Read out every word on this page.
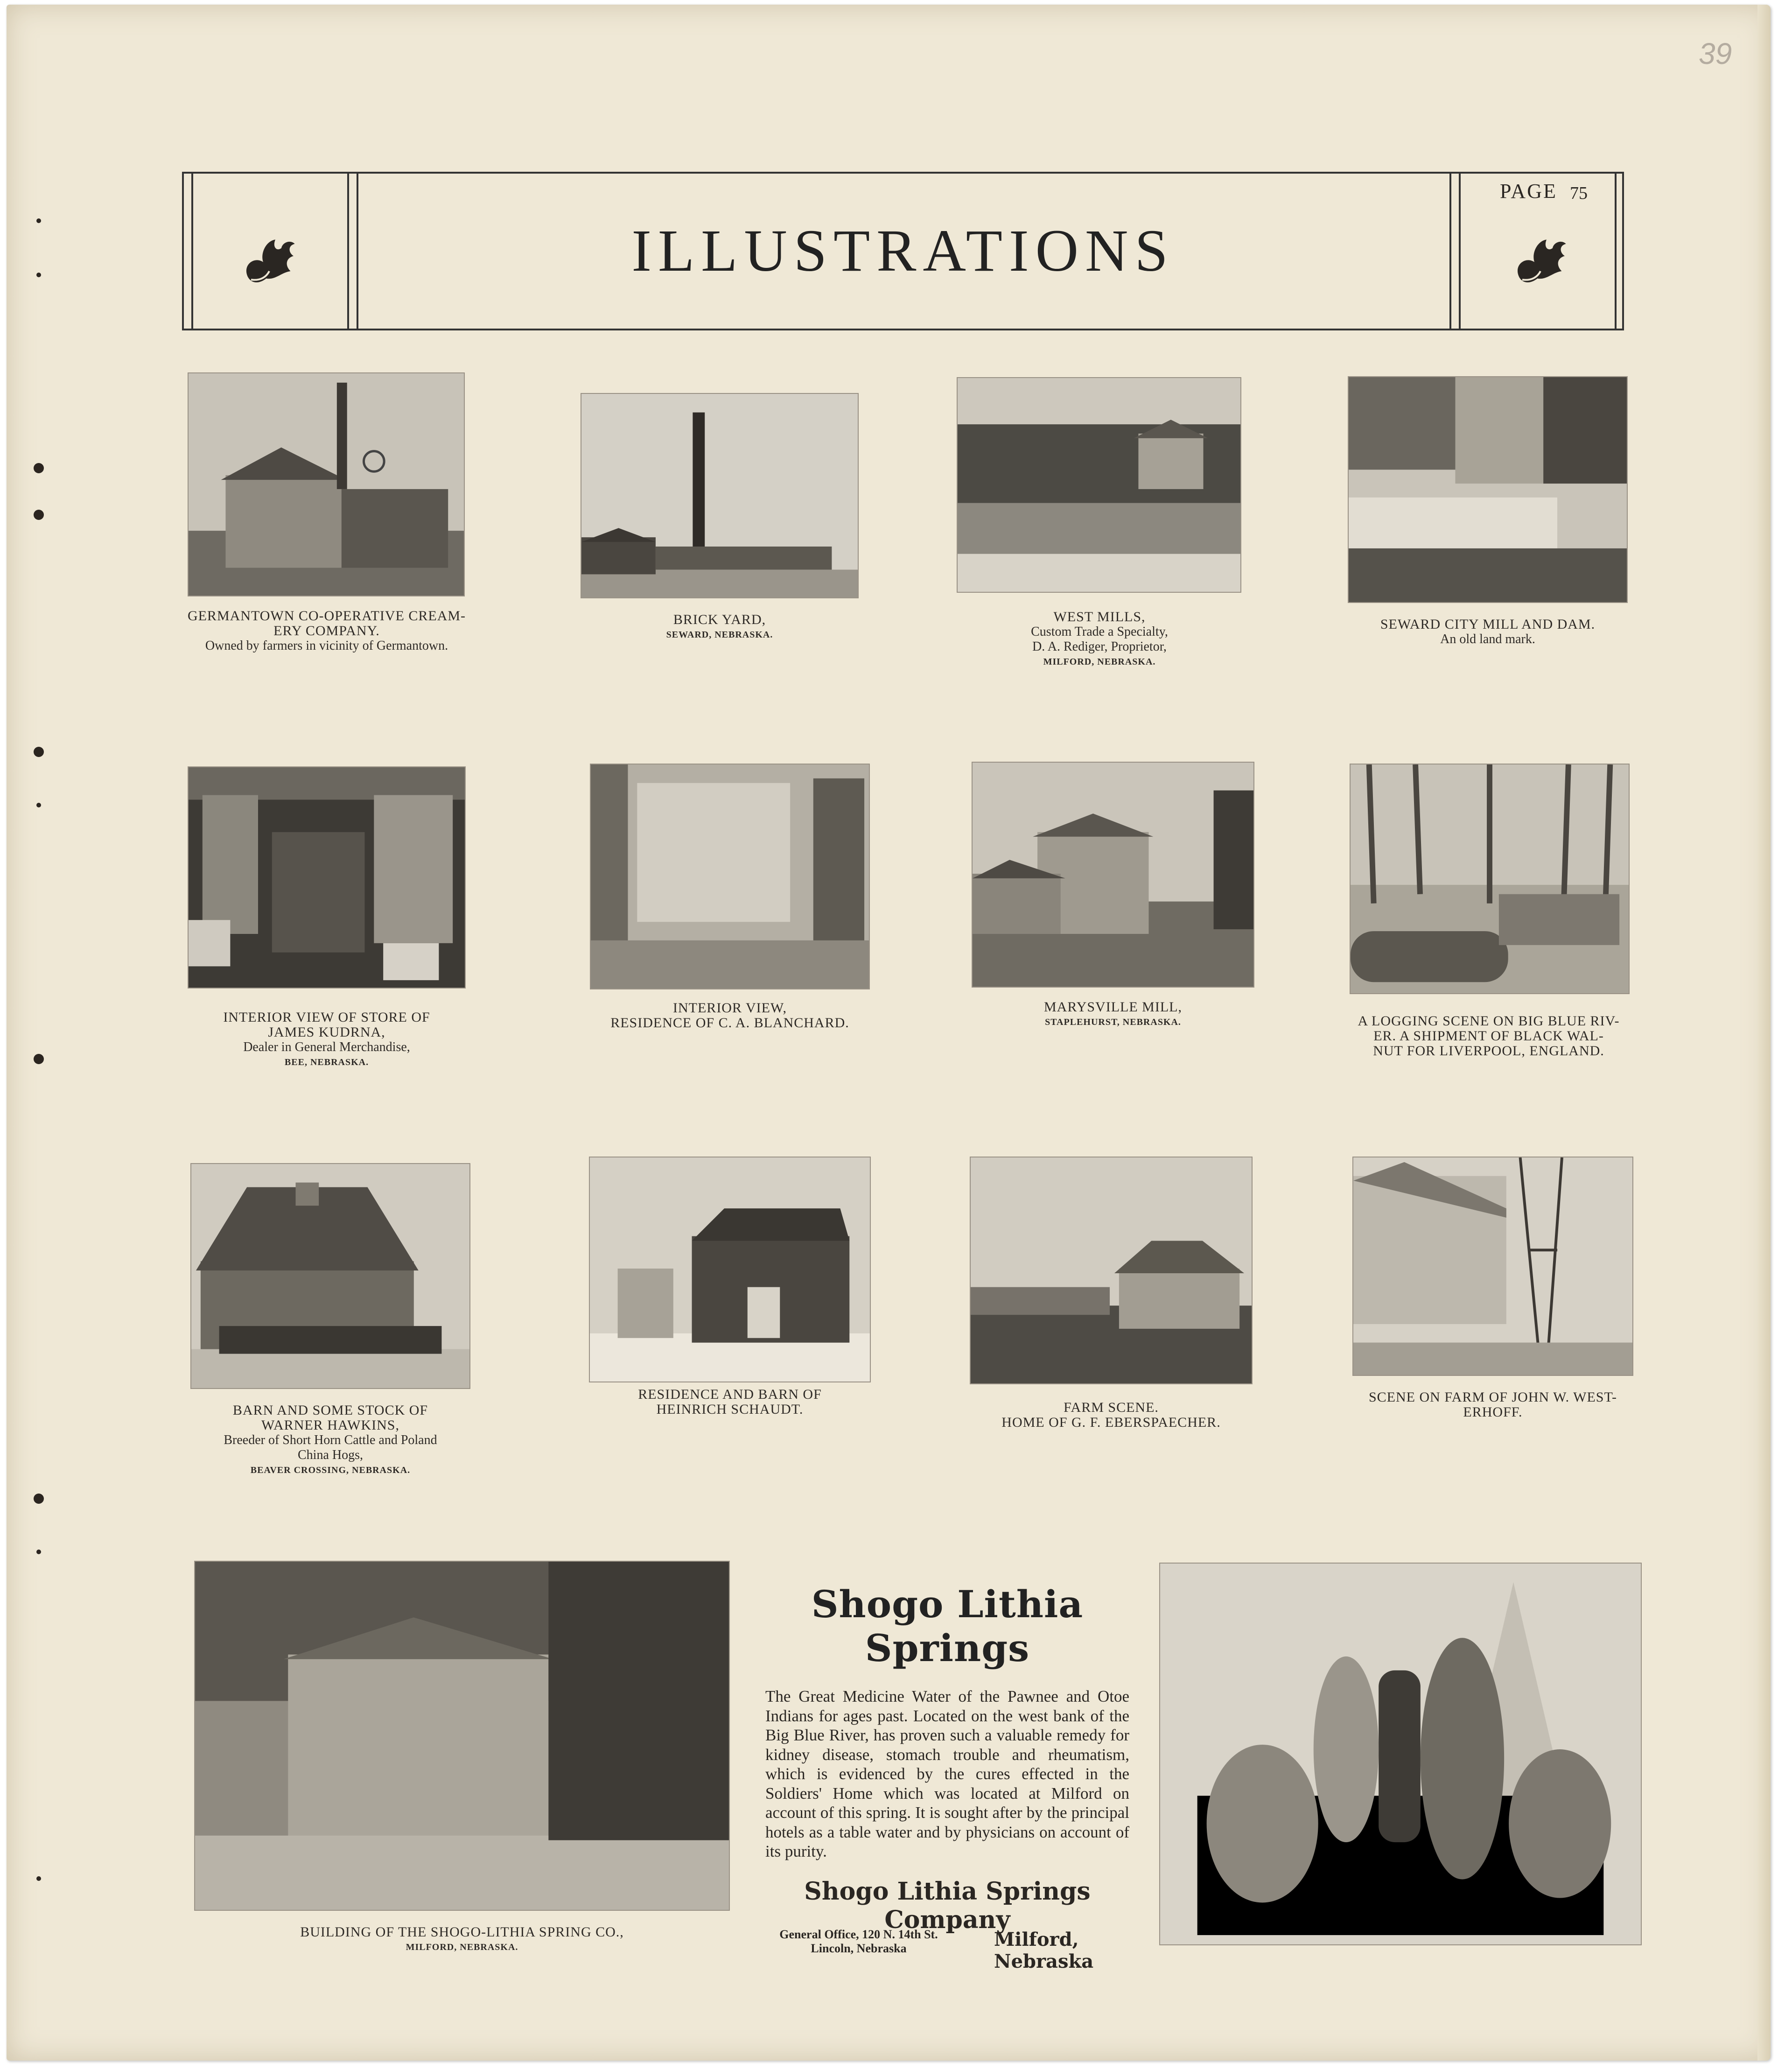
39
ILLUSTRATIONS
PAGE 75
GERMANTOWN CO-OPERATIVE CREAM-
ERY COMPANY.
Owned by farmers in vicinity of Germantown.
BRICK YARD,
SEWARD, NEBRASKA.
WEST MILLS,
Custom Trade a Specialty,
D. A. Rediger, Proprietor,
MILFORD, NEBRASKA.
SEWARD CITY MILL AND DAM.
An old land mark.
INTERIOR VIEW OF STORE OF
JAMES KUDRNA,
Dealer in General Merchandise,
BEE, NEBRASKA.
INTERIOR VIEW,
RESIDENCE OF C. A. BLANCHARD.
MARYSVILLE MILL,
STAPLEHURST, NEBRASKA.	A LOGGING SCENE ON BIG BLUE RIV-
ER. A SHIPMENT OF BLACK WAL-
NUT FOR LIVERPOOL, ENGLAND.
BARN AND SOME STOCK OF
WARNER HAWKINS,
Breeder of Short Horn Cattle and Poland
China Hogs,
BEAVER CROSSING, NEBRASKA.
RESIDENCE AND BARN OF
HEINRICH SCHAUDT.	FARM SCENE.
HOME OF G. F. EBERSPAECHER.
SCENE ON FARM OF JOHN W. WEST-
ERHOFF.
BUILDING OF THE SHOGO-LITHIA SPRING CO.,
MILFORD, NEBRASKA.
Shogo Lithia Springs
The Great Medicine Water of the Pawnee and Otoe Indians for ages past. Located on the west bank of the Big Blue River, has proven such a valuable remedy for kidney disease, stomach trouble and rheumatism, which is evidenced by the cures effected in the Soldiers' Home which was located at Milford on account of this spring. It is sought after by the principal hotels as a table water and by physicians on account of its purity.
Shogo Lithia Springs Company
General Office, 120 N. 14th St.
Lincoln, Nebraska	Milford, Nebraska
